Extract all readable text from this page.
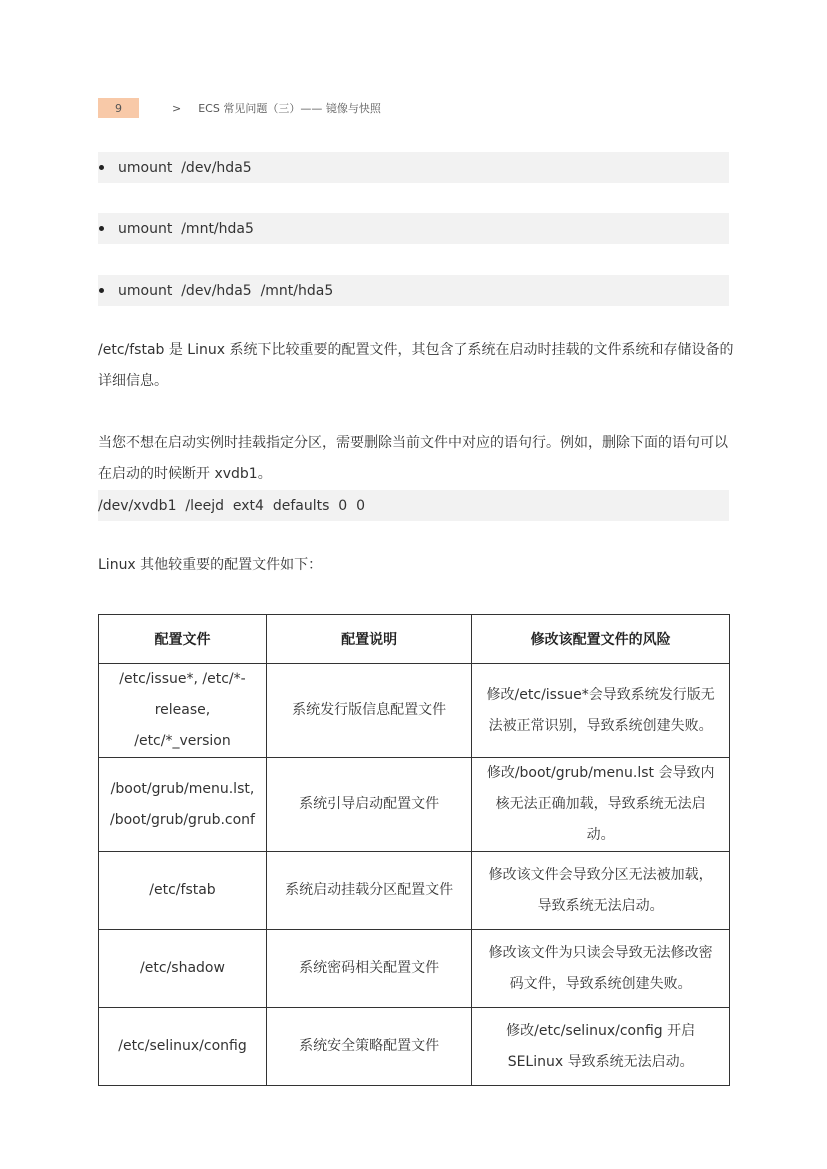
9	> ECS 常见问题（三）—— 镜像与快照
umount  /dev/hda5
umount  /mnt/hda5
umount  /dev/hda5  /mnt/hda5
/etc/fstab 是 Linux 系统下比较重要的配置文件，其包含了系统在启动时挂载的文件系统和存储设备的详细信息。
当您不想在启动实例时挂载指定分区，需要删除当前文件中对应的语句行。例如，删除下面的语句可以在启动的时候断开 xvdb1。
/dev/xvdb1  /leejd  ext4  defaults  0  0
Linux 其他较重要的配置文件如下：
配置文件	配置说明	修改该配置文件的风险
/etc/issue*, /etc/*-release, /etc/*_version	系统发行版信息配置文件	修改/etc/issue*会导致系统发行版无法被正常识别，导致系统创建失败。
/boot/grub/menu.lst, /boot/grub/grub.conf	系统引导启动配置文件	修改/boot/grub/menu.lst 会导致内核无法正确加载，导致系统无法启动。
/etc/fstab	系统启动挂载分区配置文件	修改该文件会导致分区无法被加载，导致系统无法启动。
/etc/shadow	系统密码相关配置文件	修改该文件为只读会导致无法修改密码文件，导致系统创建失败。
/etc/selinux/config	系统安全策略配置文件	修改/etc/selinux/config 开启 SELinux 导致系统无法启动。
